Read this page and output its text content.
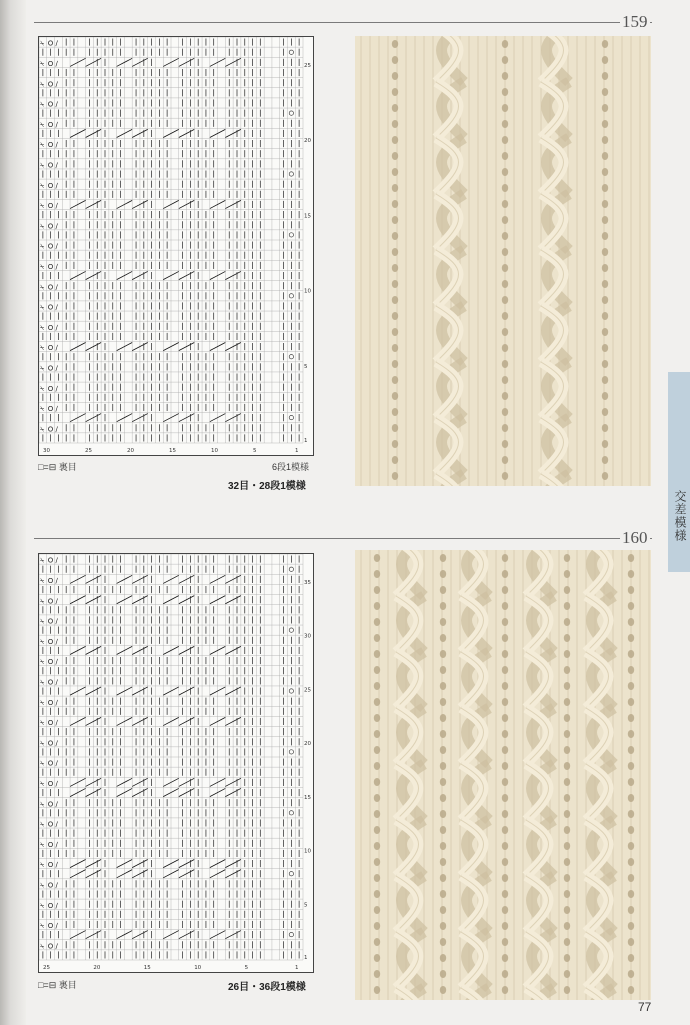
159
⍀ O ∕
⍀ O ∕
⍀ O ∕
⍀ O ∕
⍀ O ∕
⍀ O ∕
⍀ O ∕
⍀ O ∕
⍀ O ∕
⍀ O ∕
⍀ O ∕
⍀ O ∕
⍀ O ∕
⍀ O ∕
⍀ O ∕
⍀ O ∕
⍀ O ∕
⍀ O ∕
⍀ O ∕
⍀ O ∕
25
20
15
10
5
1
30	25	20	15	10	5	1
□=⊟ 裏目	6段1模様
32目・28段1模様
160
⍀ O ∕
⍀ O ∕
⍀ O ∕
⍀ O ∕
⍀ O ∕
⍀ O ∕
⍀ O ∕
⍀ O ∕
⍀ O ∕
⍀ O ∕
⍀ O ∕
⍀ O ∕
⍀ O ∕
⍀ O ∕
⍀ O ∕
⍀ O ∕
⍀ O ∕
⍀ O ∕
⍀ O ∕
⍀ O ∕
35
30
25
20
15
10
5
1
25	20	15	10	5	1
□=⊟ 裏目	26目・36段1模様
交差模様
77
